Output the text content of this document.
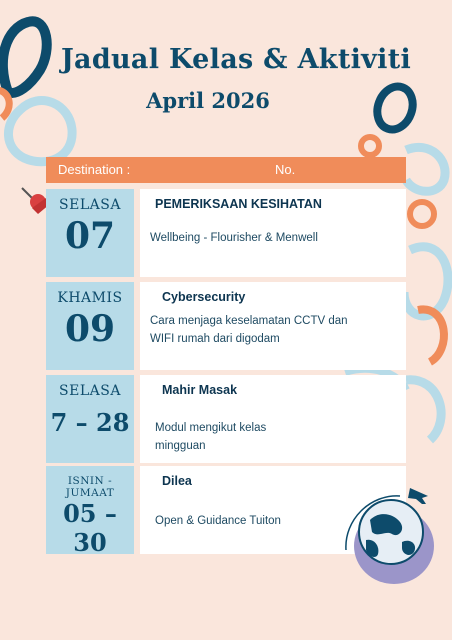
Jadual Kelas & Aktiviti
April 2026
Destination :	No.
SELASA
07
PEMERIKSAAN KESIHATAN
Wellbeing - Flourisher & Menwell
KHAMIS
09
Cybersecurity
Cara menjaga keselamatan CCTV dan WIFI rumah dari digodam
SELASA
7 – 28
Mahir Masak
Modul mengikut kelas mingguan
ISNIN - JUMAAT
05 – 30
Dilea
Open & Guidance Tuiton
